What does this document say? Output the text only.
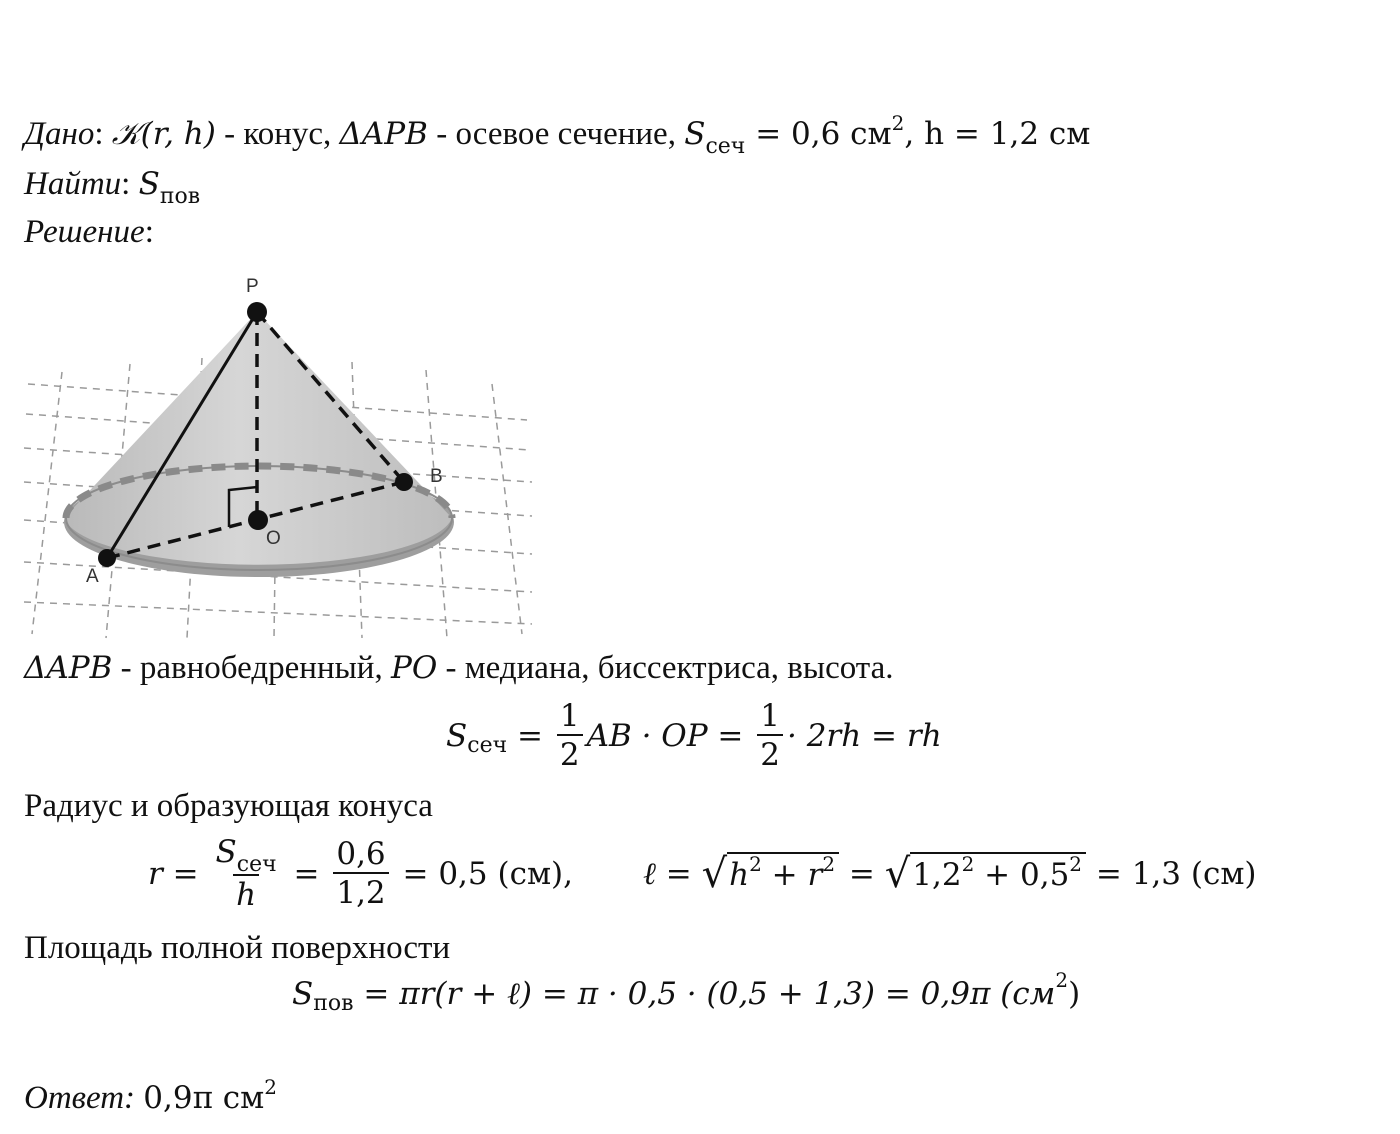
Дано: 𝒦(r, h) - конус, ΔAPB - осевое сечение, $S_{сеч} = 0,6$ $см^2$, h = 1,2 см
Найти: $S_{пов}$
Решение:
P
A
B
O
ΔAPB - равнобедренный, PO - медиана, биссектриса, высота.
S сеч = $\frac{1}{2}$ AB · OP = $\frac{1}{2} \cdot 2rh$ = rh
Радиус и образующая конуса
$r = \frac{S_{сеч}}{h} = \frac{0,6}{1,2} = 0,5$ (см), ℓ = √ $h^2 + r^2$ = √ $1,2^2 + 0,5^2 = 1,3$ (см)
Площадь полной поверхности
S пов = πr(r + ℓ) = π · 0,5 · (0,5 + 1,3) = 0,9π (см 2 )
Ответ: 0,9π $см^2$
